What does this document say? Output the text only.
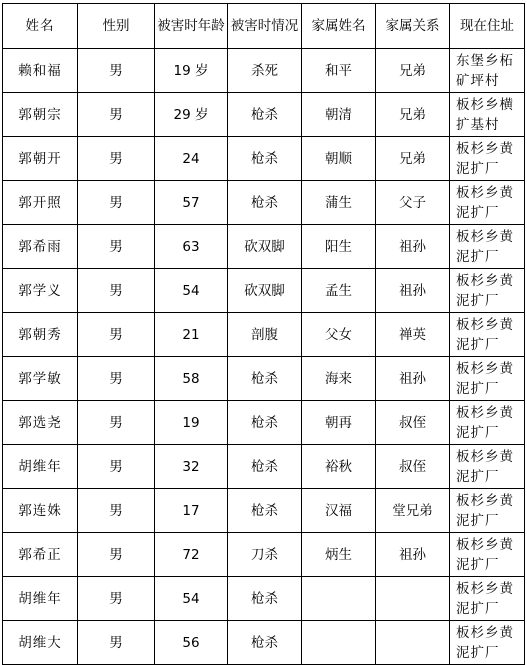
姓名	性别	被害时年龄	被害时情况	家属姓名	家属关系	现在住址
赖和福	男	19 岁	杀死	和平	兄弟	东堡乡柘矿坪村
郭朝宗	男	29 岁	枪杀	朝清	兄弟	板杉乡横扩基村
郭朝开	男	24	枪杀	朝顺	兄弟	板杉乡黄泥扩厂
郭开照	男	57	枪杀	蒲生	父子	板杉乡黄泥扩厂
郭希雨	男	63	砍双脚	阳生	祖孙	板杉乡黄泥扩厂
郭学义	男	54	砍双脚	孟生	祖孙	板杉乡黄泥扩厂
郭朝秀	男	21	剖腹	父女	禅英	板杉乡黄泥扩厂
郭学敏	男	58	枪杀	海来	祖孙	板杉乡黄泥扩厂
郭选尧	男	19	枪杀	朝再	叔侄	板杉乡黄泥扩厂
胡维年	男	32	枪杀	裕秋	叔侄	板杉乡黄泥扩厂
郭连姝	男	17	枪杀	汉福	堂兄弟	板杉乡黄泥扩厂
郭希正	男	72	刀杀	炳生	祖孙	板杉乡黄泥扩厂
胡维年	男	54	枪杀			板杉乡黄泥扩厂
胡维大	男	56	枪杀			板杉乡黄泥扩厂
